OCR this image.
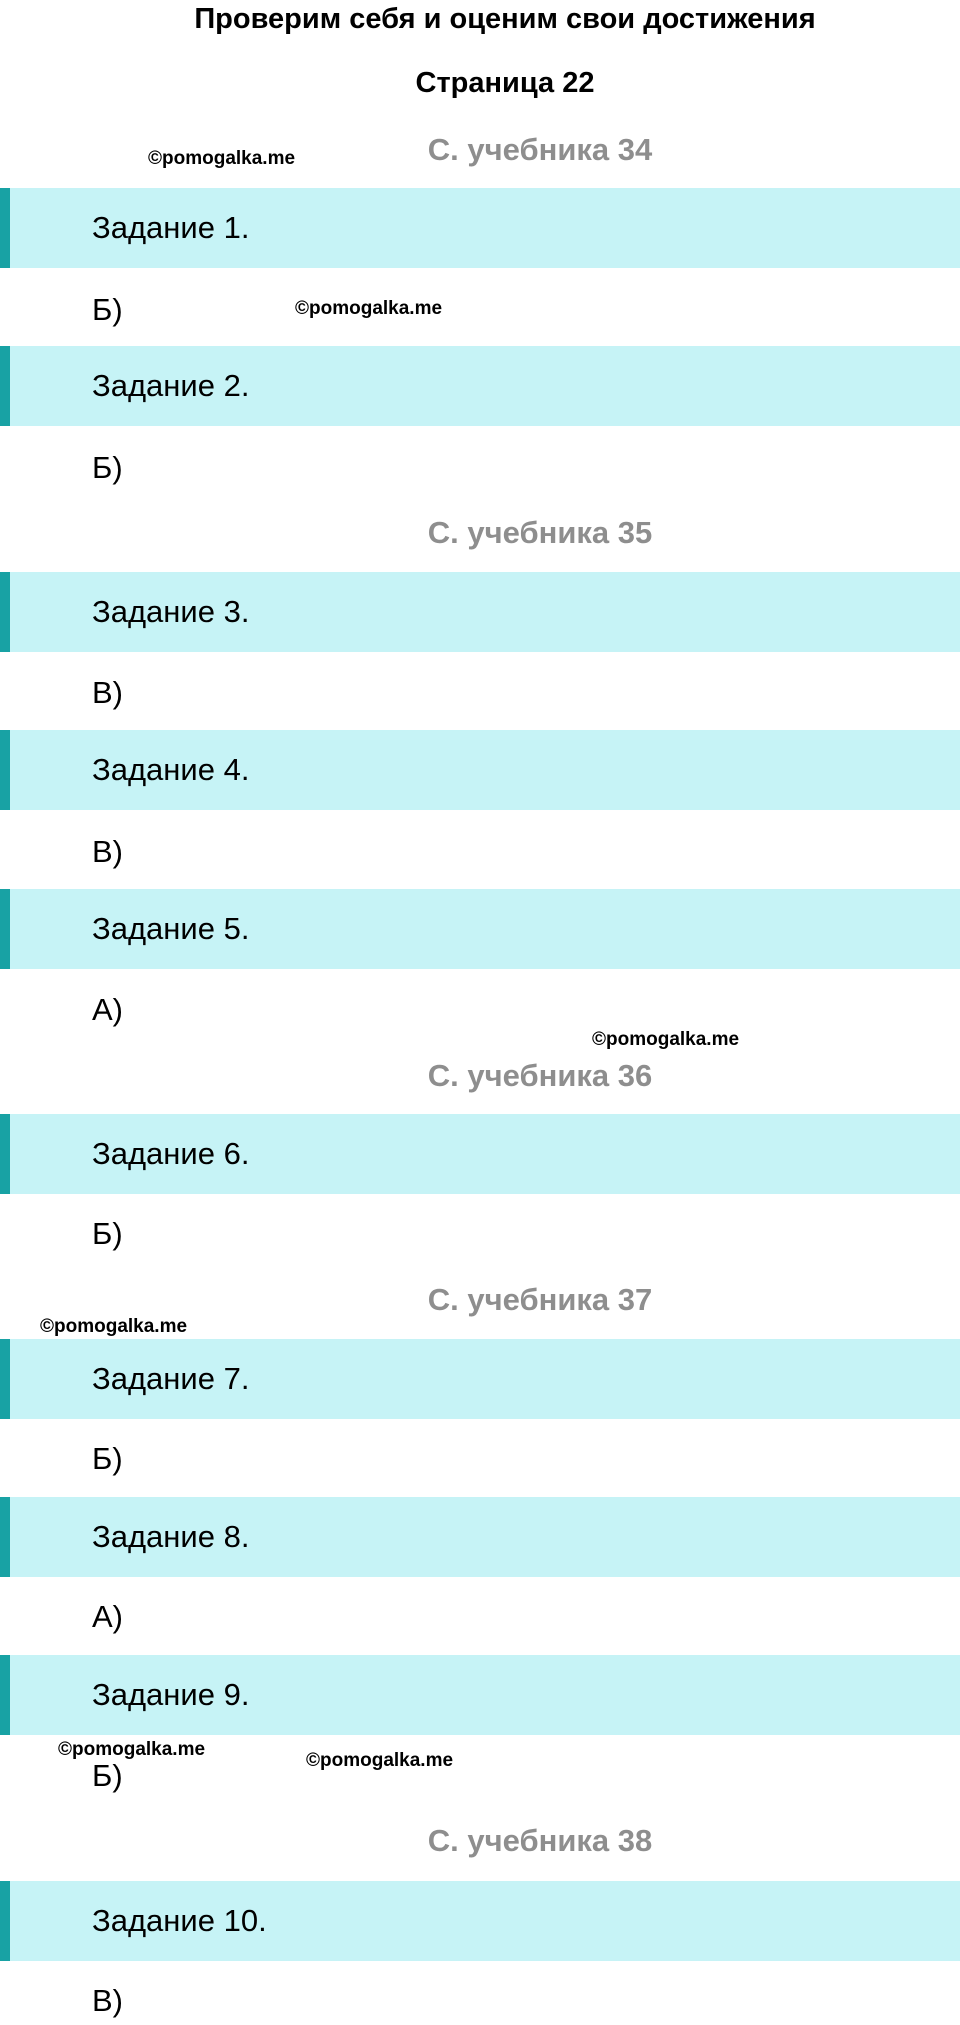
Проверим себя и оценим свои достижения
Страница 22
С. учебника 34
©pomogalka.me
Задание 1.
Б)	©pomogalka.me
Задание 2.
Б)
С. учебника 35
Задание 3.
В)
Задание 4.
В)
Задание 5.
А)
©pomogalka.me
С. учебника 36
Задание 6.
Б)
С. учебника 37
©pomogalka.me
Задание 7.
Б)
Задание 8.
А)
Задание 9.
©pomogalka.me
©pomogalka.me
Б)
С. учебника 38
Задание 10.
В)
